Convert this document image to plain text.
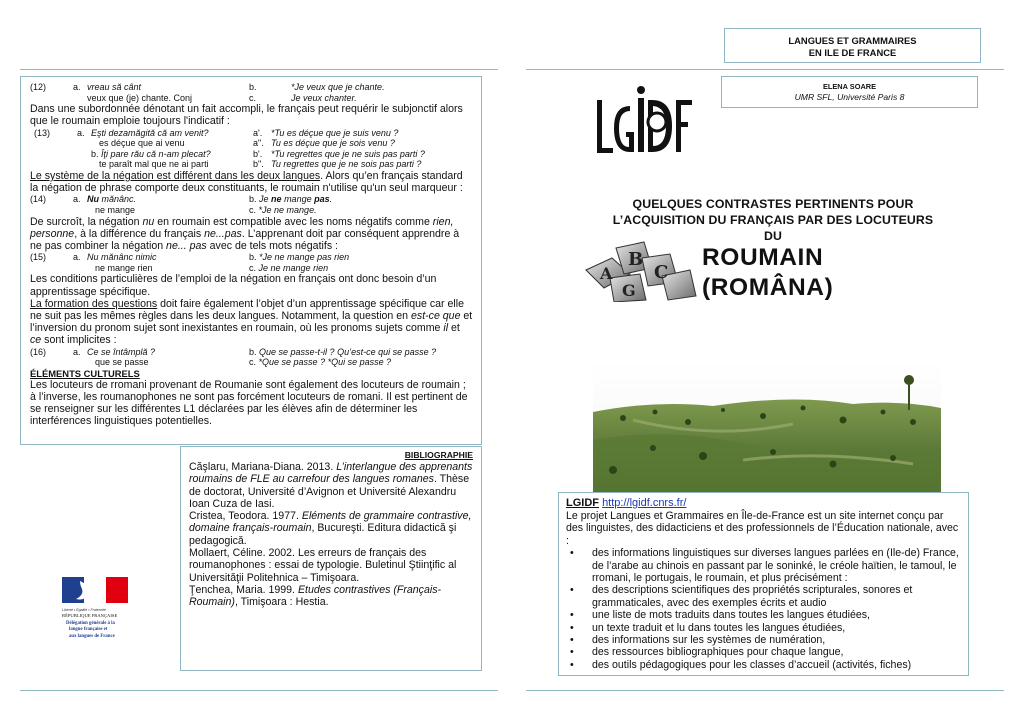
LANGUES ET GRAMMAIRES
EN ILE DE FRANCE
ELENA SOARE
UMR SFL, Université Paris 8
LGIDF
QUELQUES CONTRASTES PERTINENTS POUR
L’ACQUISITION DU FRANÇAIS PAR DES LOCUTEURS
DU
A
B
C
G
ROUMAIN
(ROMÂNA)
(12)	a.	vreau să cânt	b.	*Je veux que je chante.
		veux que (je) chante. Conj	c.	Je veux chanter.

Dans une subordonnée dénotant un fait accompli, le français peut requérir le subjonctif alors que le roumain emploie toujours l'indicatif :

(13)	a.	Eşti dezamăgită că am venit?	a'.	*Tu es déçue que je suis venu ?
		es déçue que ai venu	a".	Tu es déçue que je sois venu ?
	b. Îţi pare rău că n-am plecat?		b'.	*Tu regrettes que je ne suis pas parti ?
		te paraît mal que ne ai parti	b".	Tu regrettes que je ne sois pas parti ?

Le système de la négation est différent dans les deux langues. Alors qu’en français standard la négation de phrase comporte deux constituants, le roumain n'utilise qu'un seul marqueur :

(14)	a.	Nu mănânc.	b. Je ne mange pas.
		ne mange	c. *Je ne mange.

De surcroît, la négation nu en roumain est compatible avec les noms négatifs comme rien, personne, à la différence du français ne...pas. L’apprenant doit par conséquent apprendre à ne pas combiner la négation ne... pas avec de tels mots négatifs :

(15)	a.	Nu mănânc nimic	b. *Je ne mange pas rien
		ne mange rien	c. Je ne mange rien

Les conditions particulières de l’emploi de la négation en français ont donc besoin d’un apprentissage spécifique.

La formation des questions doit faire également l’objet d’un apprentissage spécifique car elle ne suit pas les mêmes règles dans les deux langues. Notamment, la question en est-ce que et l’inversion du pronom sujet sont inexistantes en roumain, où les pronoms sujets comme il et ce sont implicites :

(16)	a.	Ce se întâmplă ?	b. Que se passe-t-il ? Qu’est-ce qui se passe ?
		que se passe	c. *Que se passe ? *Qui se passe ?

ÉLÉMENTS CULTURELS

Les locuteurs de rromani provenant de Roumanie sont également des locuteurs de roumain ; à l’inverse, les roumanophones ne sont pas forcément locuteurs de romani. Il est pertinent de se renseigner sur les différentes L1 déclarées par les élèves afin de déterminer les interférences linguistiques potentielles.

BIBLIOGRAPHIE

Căşlaru, Mariana-Diana. 2013. L’interlangue des apprenants roumains de FLE au carrefour des langues romanes. Thèse de doctorat, Université d’Avignon et Université Alexandru Ioan Cuza de Iasi.

Cristea, Teodora. 1977. Eléments de grammaire contrastive, domaine français-roumain, Bucureşti. Editura didactică şi pedagogică.

Mollaert, Céline. 2002. Les erreurs de français des roumanophones : essai de typologie. Buletinul Ştiinţific al Universităţii Politehnica – Timişoara.

Ţenchea, Maria. 1999. Etudes contrastives (Français-Roumain), Timişoara : Hestia.

Liberté • Égalité • Fraternité
RÉPUBLIQUE FRANÇAISE
Délégation générale à la
langue française et
aux langues de France

LGIDF http://lgidf.cnrs.fr/

Le projet Langues et Grammaires en Île-de-France est un site internet conçu par des linguistes, des didacticiens et des professionnels de l’Éducation nationale, avec :

• des informations linguistiques sur diverses langues parlées en (Ile-de) France, de l’arabe au chinois en passant par le soninké, le créole haïtien, le tamoul, le rromani, le portugais, le roumain, et plus précisément :
• des descriptions scientifiques des propriétés scripturales, sonores et grammaticales, avec des exemples écrits et audio
• une liste de mots traduits dans toutes les langues étudiées,
• un texte traduit et lu dans toutes les langues étudiées,
• des informations sur les systèmes de numération,
• des ressources bibliographiques pour chaque langue,
• des outils pédagogiques pour les classes d’accueil (activités, fiches)
